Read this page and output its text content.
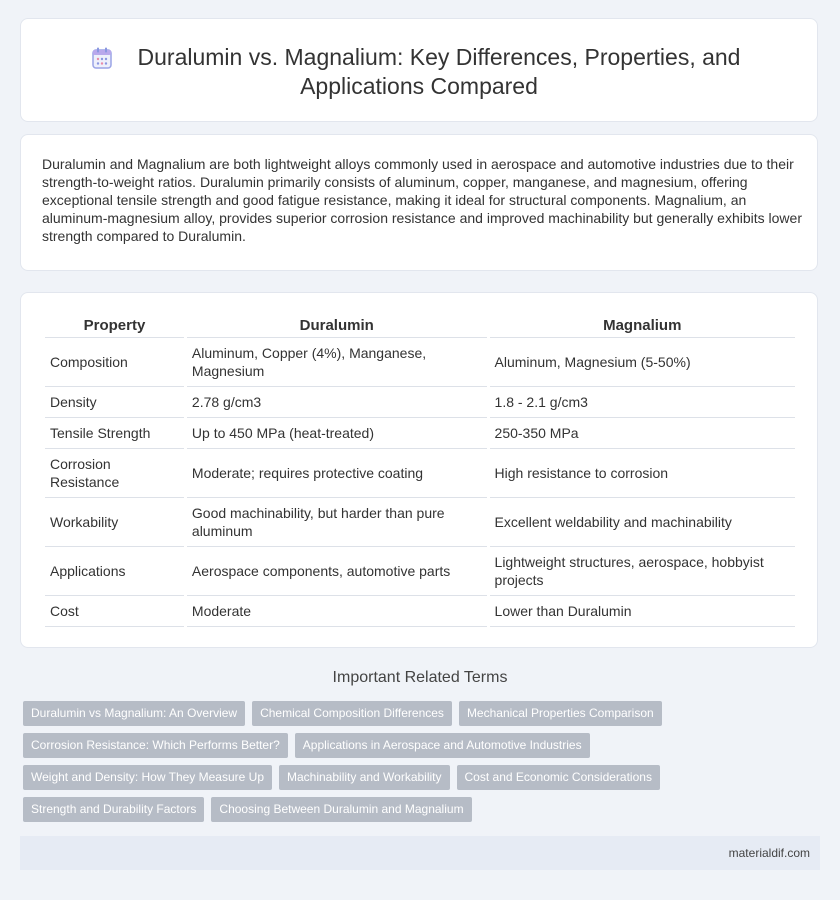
Duralumin vs. Magnalium: Key Differences, Properties, and
Applications Compared
Duralumin and Magnalium are both lightweight alloys commonly used in aerospace and automotive industries due to their strength-to-weight ratios. Duralumin primarily consists of aluminum, copper, manganese, and magnesium, offering exceptional tensile strength and good fatigue resistance, making it ideal for structural components. Magnalium, an aluminum-magnesium alloy, provides superior corrosion resistance and improved machinability but generally exhibits lower strength compared to Duralumin.
Property	Duralumin	Magnalium
Composition	Aluminum, Copper (4%), Manganese, Magnesium	Aluminum, Magnesium (5-50%)
Density	2.78 g/cm3	1.8 - 2.1 g/cm3
Tensile Strength	Up to 450 MPa (heat-treated)	250-350 MPa
Corrosion Resistance	Moderate; requires protective coating	High resistance to corrosion
Workability	Good machinability, but harder than pure aluminum	Excellent weldability and machinability
Applications	Aerospace components, automotive parts	Lightweight structures, aerospace, hobbyist projects
Cost	Moderate	Lower than Duralumin
Important Related Terms
Duralumin vs Magnalium: An Overview Chemical Composition Differences Mechanical Properties Comparison
Corrosion Resistance: Which Performs Better? Applications in Aerospace and Automotive Industries
Weight and Density: How They Measure Up Machinability and Workability Cost and Economic Considerations
Strength and Durability Factors Choosing Between Duralumin and Magnalium
materialdif.com
